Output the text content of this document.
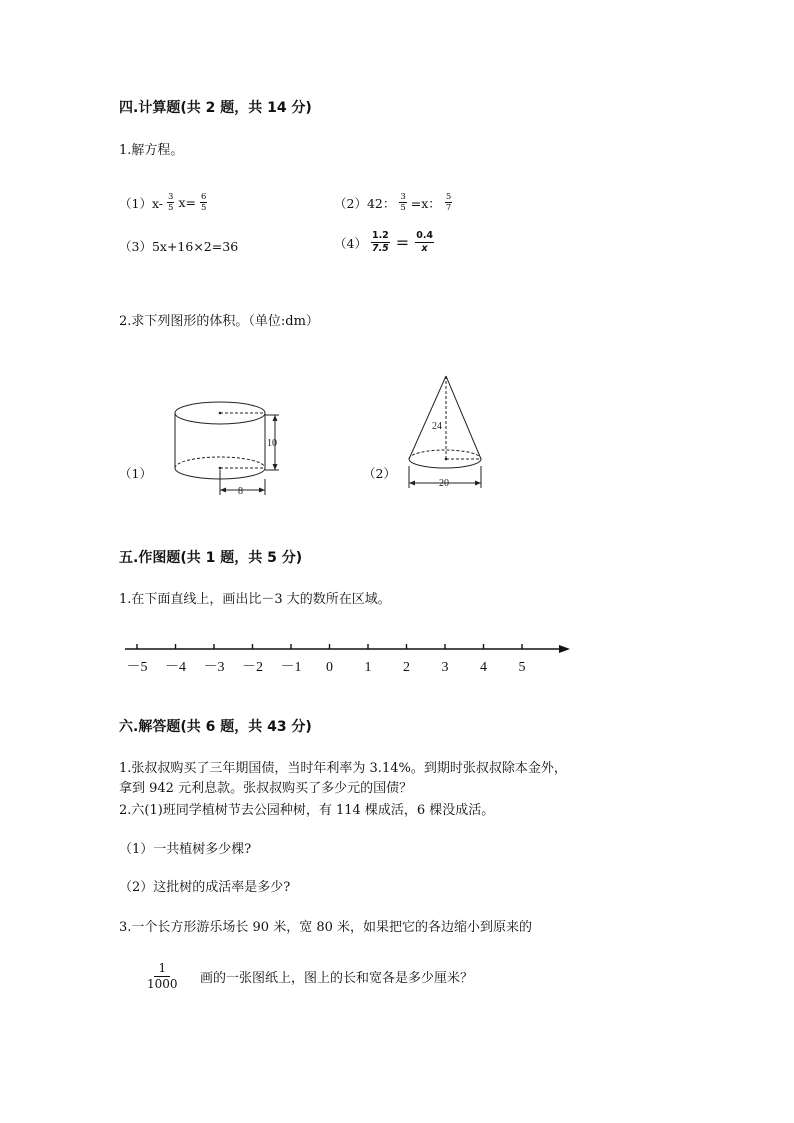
四.计算题(共 2 题，共 14 分)
1.解方程。
$(1)x- \frac{3}{5} x= \frac{6}{5}$	（2）42： $\frac{3}{5} =x$： $\frac{5}{7}$
（3）5x+16×2=36	$(4) \frac{1.2}{7.5} = \frac{0.4}{x}$
2.求下列图形的体积。（单位:dm）
（1）
10
8
（2）
24
20
五.作图题(共 1 题，共 5 分)
1.在下面直线上，画出比－3 大的数所在区域。
－5 －4 －3 －2 －1 0 1 2 3 4 5
六.解答题(共 6 题，共 43 分)
1.张叔叔购买了三年期国债，当时年利率为 3.14%。到期时张叔叔除本金外，
拿到 942 元利息款。张叔叔购买了多少元的国债？
2.六(1)班同学植树节去公园种树，有 114 棵成活，6 棵没成活。
（1）一共植树多少棵?
（2）这批树的成活率是多少?
3.一个长方形游乐场长 90 米，宽 80 米，如果把它的各边缩小到原来的
$\frac{1}{1000}$ 画的一张图纸上，图上的长和宽各是多少厘米？
